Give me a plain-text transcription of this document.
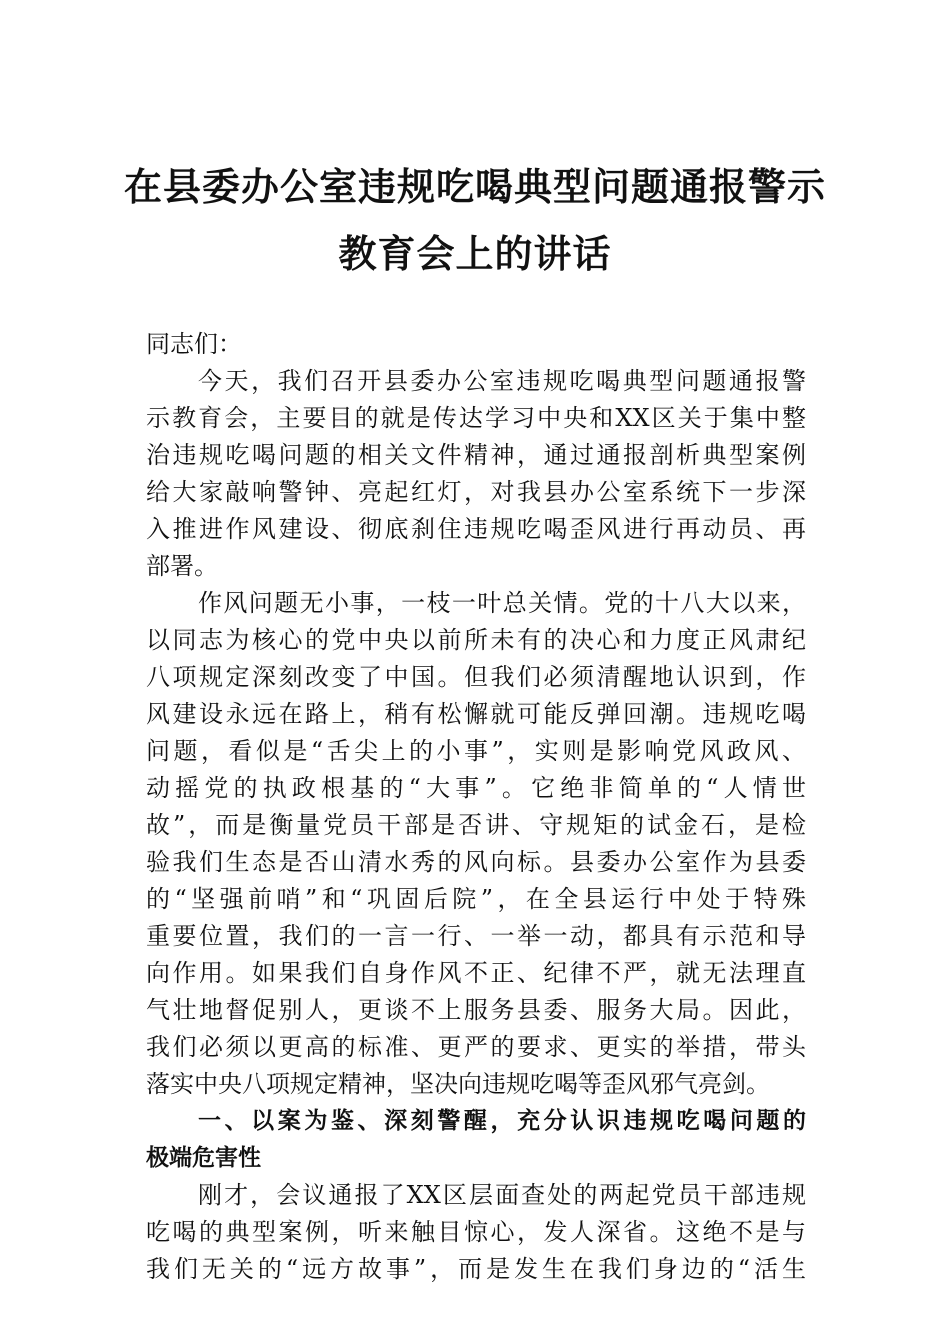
在县委办公室违规吃喝典型问题通报警示
教育会上的讲话
同志们：
今天，我们召开县委办公室违规吃喝典型问题通报警
示教育会，主要目的就是传达学习中央和XX区关于集中整
治违规吃喝问题的相关文件精神，通过通报剖析典型案例
给大家敲响警钟、亮起红灯，对我县办公室系统下一步深
入推进作风建设、彻底刹住违规吃喝歪风进行再动员、再
部署。
作风问题无小事，一枝一叶总关情。党的十八大以来，
以同志为核心的党中央以前所未有的决心和力度正风肃纪
八项规定深刻改变了中国。但我们必须清醒地认识到，作
风建设永远在路上，稍有松懈就可能反弹回潮。违规吃喝
问题，看似是“舌尖上的小事”，实则是影响党风政风、
动摇党的执政根基的“大事”。它绝非简单的“人情世
故”，而是衡量党员干部是否讲、守规矩的试金石，是检
验我们生态是否山清水秀的风向标。县委办公室作为县委
的“坚强前哨”和“巩固后院”，在全县运行中处于特殊
重要位置，我们的一言一行、一举一动，都具有示范和导
向作用。如果我们自身作风不正、纪律不严，就无法理直
气壮地督促别人，更谈不上服务县委、服务大局。因此，
我们必须以更高的标准、更严的要求、更实的举措，带头
落实中央八项规定精神，坚决向违规吃喝等歪风邪气亮剑。
一、以案为鉴、深刻警醒，充分认识违规吃喝问题的
极端危害性
刚才，会议通报了XX区层面查处的两起党员干部违规
吃喝的典型案例，听来触目惊心，发人深省。这绝不是与
我们无关的“远方故事”，而是发生在我们身边的“活生
